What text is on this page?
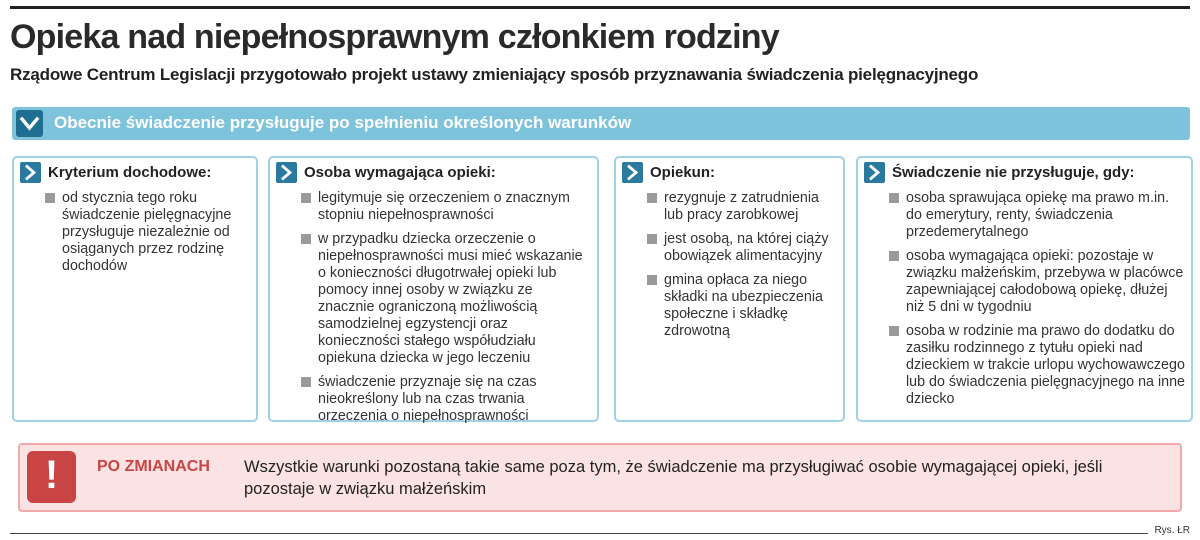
Opieka nad niepełnosprawnym członkiem rodziny
Rządowe Centrum Legislacji przygotowało projekt ustawy zmieniający sposób przyznawania świadczenia pielęgnacyjnego
Obecnie świadczenie przysługuje po spełnieniu określonych warunków
Kryterium dochodowe:
od stycznia tego roku świadczenie pielęgnacyjne przysługuje niezależnie od osiąganych przez rodzinę dochodów
Osoba wymagająca opieki:
legitymuje się orzeczeniem o znacznym stopniu niepełnosprawności
w przypadku dziecka orzeczenie o niepełnosprawności musi mieć wskazanie o konieczności długotrwałej opieki lub pomocy innej osoby w związku ze znacznie ograniczoną możliwością samodzielnej egzystencji oraz konieczności stałego współudziału opiekuna dziecka w jego leczeniu
świadczenie przyznaje się na czas nieokreślony lub na czas trwania orzeczenia o niepełnosprawności
Opiekun:
rezygnuje z zatrudnienia lub pracy zarobkowej
jest osobą, na której ciąży obowiązek alimentacyjny
gmina opłaca za niego składki na ubezpieczenia społeczne i składkę zdrowotną
Świadczenie nie przysługuje, gdy:
osoba sprawująca opiekę ma prawo m.in. do emerytury, renty, świadczenia przedemerytalnego
osoba wymagająca opieki: pozostaje w związku małżeńskim, przebywa w placówce zapewniającej całodobową opiekę, dłużej niż 5 dni w tygodniu
osoba w rodzinie ma prawo do dodatku do zasiłku rodzinnego z tytułu opieki nad dzieckiem w trakcie urlopu wychowawczego lub do świadczenia pielęgnacyjnego na inne dziecko
!	PO ZMIANACH Wszystkie warunki pozostaną takie same poza tym, że świadczenie ma przysługiwać osobie wymagającej opieki, jeśli pozostaje w związku małżeńskim
Rys. ŁR
